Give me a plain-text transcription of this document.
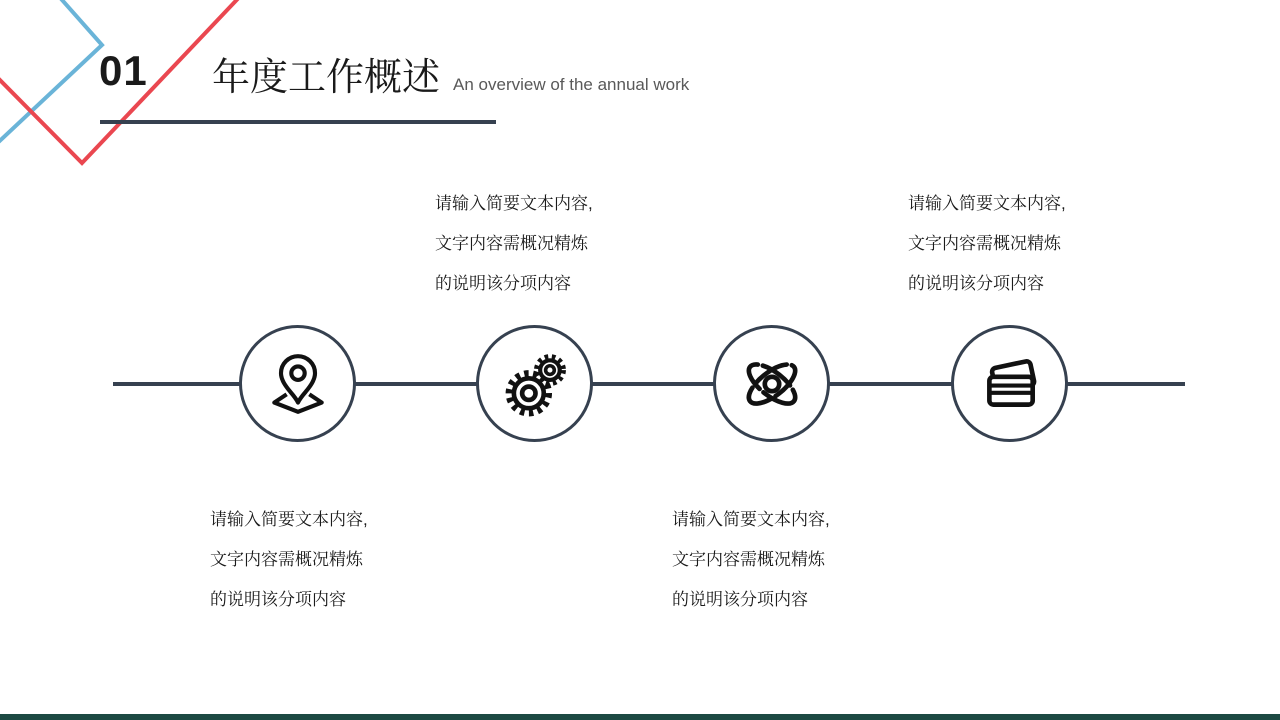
01 年度工作概述 An overview of the annual work
请输入简要文本内容,
文字内容需概况精炼
的说明该分项内容
请输入简要文本内容,
文字内容需概况精炼
的说明该分项内容
请输入简要文本内容,
文字内容需概况精炼
的说明该分项内容
请输入简要文本内容,
文字内容需概况精炼
的说明该分项内容
